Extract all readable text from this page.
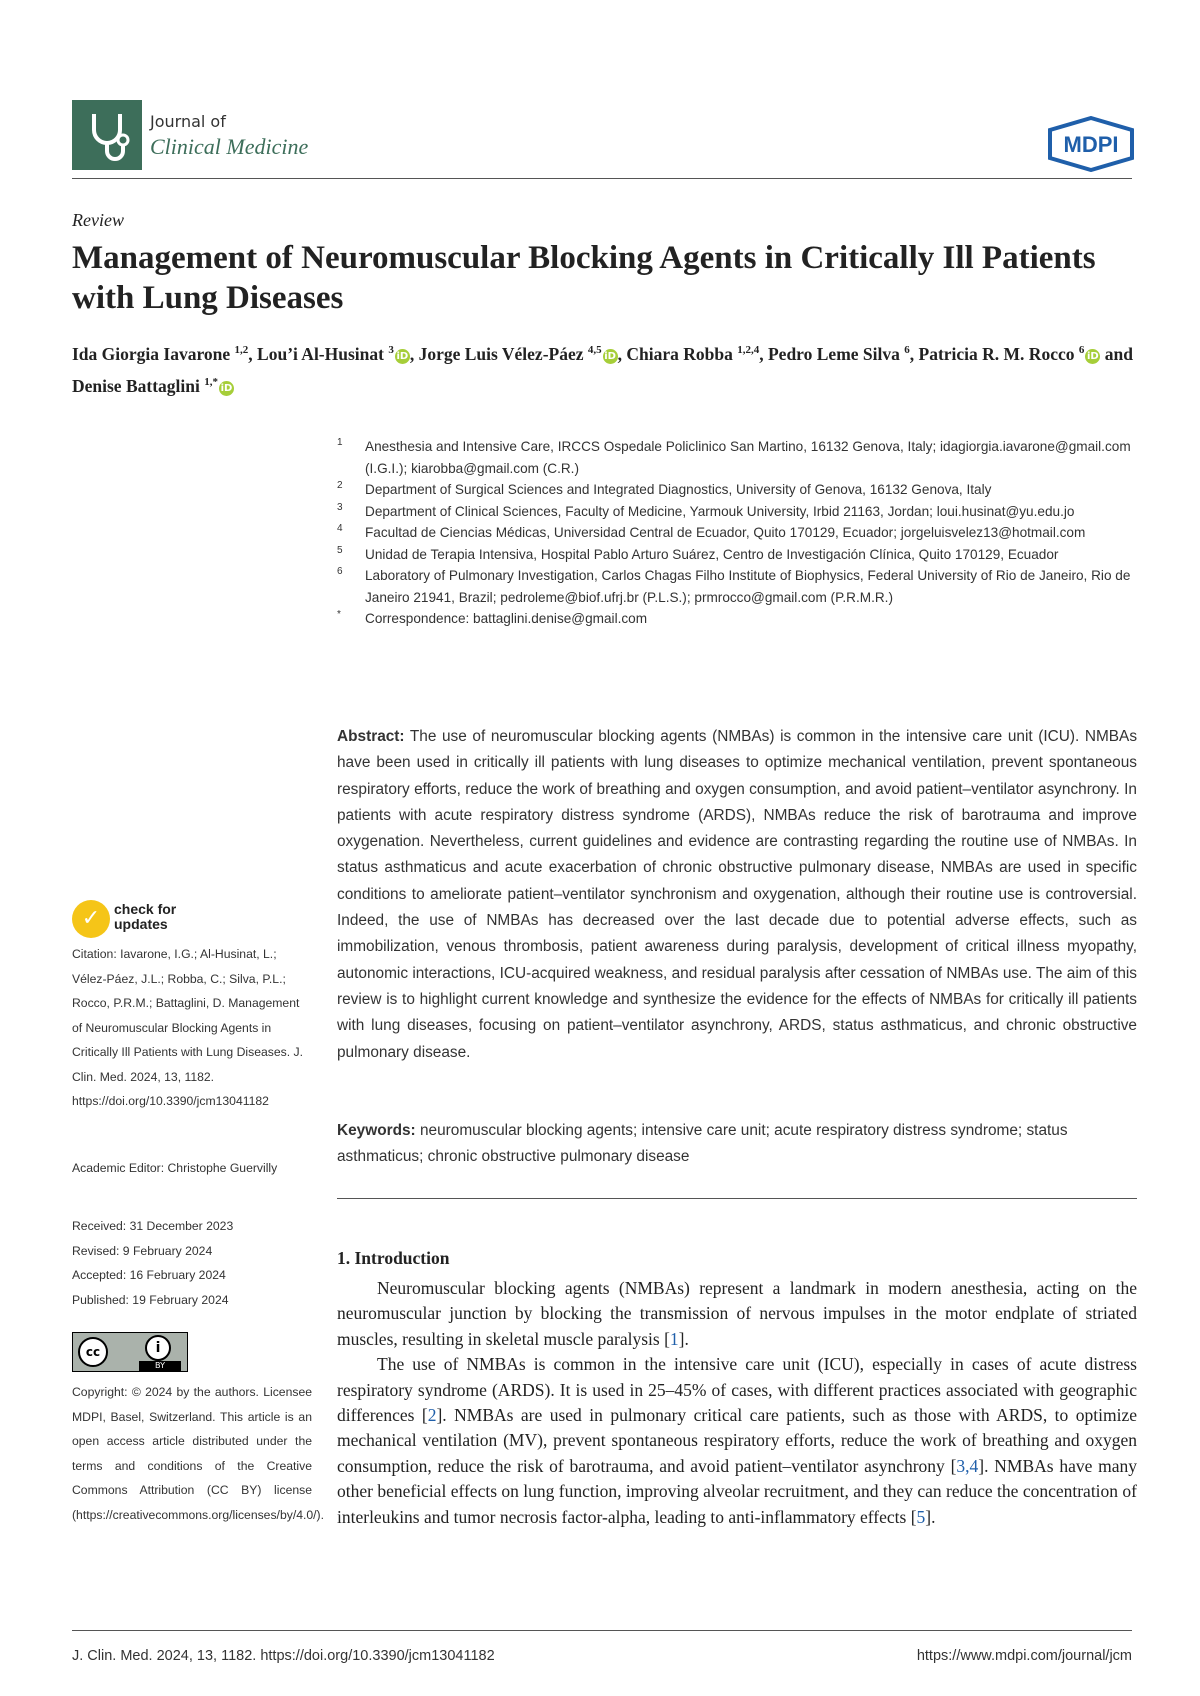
Journal of
Clinical Medicine	MDPI
Review
Management of Neuromuscular Blocking Agents in Critically Ill Patients with Lung Diseases
Ida Giorgia Iavarone $^{1,2}$, Lou’i Al-Husinat $^3$iD, Jorge Luis Vélez-Páez $^{4,5}$iD, Chiara Robba $^{1,2,4}$, Pedro Leme Silva $^6$, Patricia R. M. Rocco $^6$iD and Denise Battaglini $^{1,*}$iD
1 Anesthesia and Intensive Care, IRCCS Ospedale Policlinico San Martino, 16132 Genova, Italy; idagiorgia.iavarone@gmail.com (I.G.I.); kiarobba@gmail.com (C.R.)
2 Department of Surgical Sciences and Integrated Diagnostics, University of Genova, 16132 Genova, Italy
3 Department of Clinical Sciences, Faculty of Medicine, Yarmouk University, Irbid 21163, Jordan; loui.husinat@yu.edu.jo
4 Facultad de Ciencias Médicas, Universidad Central de Ecuador, Quito 170129, Ecuador; jorgeluisvelez13@hotmail.com
5 Unidad de Terapia Intensiva, Hospital Pablo Arturo Suárez, Centro de Investigación Clínica, Quito 170129, Ecuador
6 Laboratory of Pulmonary Investigation, Carlos Chagas Filho Institute of Biophysics, Federal University of Rio de Janeiro, Rio de Janeiro 21941, Brazil; pedroleme@biof.ufrj.br (P.L.S.); prmrocco@gmail.com (P.R.M.R.)
* Correspondence: battaglini.denise@gmail.com
Abstract: The use of neuromuscular blocking agents (NMBAs) is common in the intensive care unit (ICU). NMBAs have been used in critically ill patients with lung diseases to optimize mechanical ventilation, prevent spontaneous respiratory efforts, reduce the work of breathing and oxygen consumption, and avoid patient–ventilator asynchrony. In patients with acute respiratory distress syndrome (ARDS), NMBAs reduce the risk of barotrauma and improve oxygenation. Nevertheless, current guidelines and evidence are contrasting regarding the routine use of NMBAs. In status asthmaticus and acute exacerbation of chronic obstructive pulmonary disease, NMBAs are used in specific conditions to ameliorate patient–ventilator synchronism and oxygenation, although their routine use is controversial. Indeed, the use of NMBAs has decreased over the last decade due to potential adverse effects, such as immobilization, venous thrombosis, patient awareness during paralysis, development of critical illness myopathy, autonomic interactions, ICU-acquired weakness, and residual paralysis after cessation of NMBAs use. The aim of this review is to highlight current knowledge and synthesize the evidence for the effects of NMBAs for critically ill patients with lung diseases, focusing on patient–ventilator asynchrony, ARDS, status asthmaticus, and chronic obstructive pulmonary disease.
Keywords: neuromuscular blocking agents; intensive care unit; acute respiratory distress syndrome; status asthmaticus; chronic obstructive pulmonary disease
✓ check for
updates
Citation: Iavarone, I.G.; Al-Husinat, L.; Vélez-Páez, J.L.; Robba, C.; Silva, P.L.; Rocco, P.R.M.; Battaglini, D. Management of Neuromuscular Blocking Agents in Critically Ill Patients with Lung Diseases. J. Clin. Med. 2024, 13, 1182. https://doi.org/10.3390/jcm13041182
Academic Editor: Christophe Guervilly
Received: 31 December 2023
Revised: 9 February 2024
Accepted: 16 February 2024
Published: 19 February 2024
cc	i
BY
Copyright: © 2024 by the authors. Licensee MDPI, Basel, Switzerland. This article is an open access article distributed under the terms and conditions of the Creative Commons Attribution (CC BY) license (https://creativecommons.org/licenses/by/4.0/).
1. Introduction

Neuromuscular blocking agents (NMBAs) represent a landmark in modern anesthesia, acting on the neuromuscular junction by blocking the transmission of nervous impulses in the motor endplate of striated muscles, resulting in skeletal muscle paralysis [1].

The use of NMBAs is common in the intensive care unit (ICU), especially in cases of acute distress respiratory syndrome (ARDS). It is used in 25–45% of cases, with different practices associated with geographic differences [2]. NMBAs are used in pulmonary critical care patients, such as those with ARDS, to optimize mechanical ventilation (MV), prevent spontaneous respiratory efforts, reduce the work of breathing and oxygen consumption, reduce the risk of barotrauma, and avoid patient–ventilator asynchrony [3,4]. NMBAs have many other beneficial effects on lung function, improving alveolar recruitment, and they can reduce the concentration of interleukins and tumor necrosis factor-alpha, leading to anti-inflammatory effects [5].

J. Clin. Med. 2024, 13, 1182. https://doi.org/10.3390/jcm13041182	https://www.mdpi.com/journal/jcm
